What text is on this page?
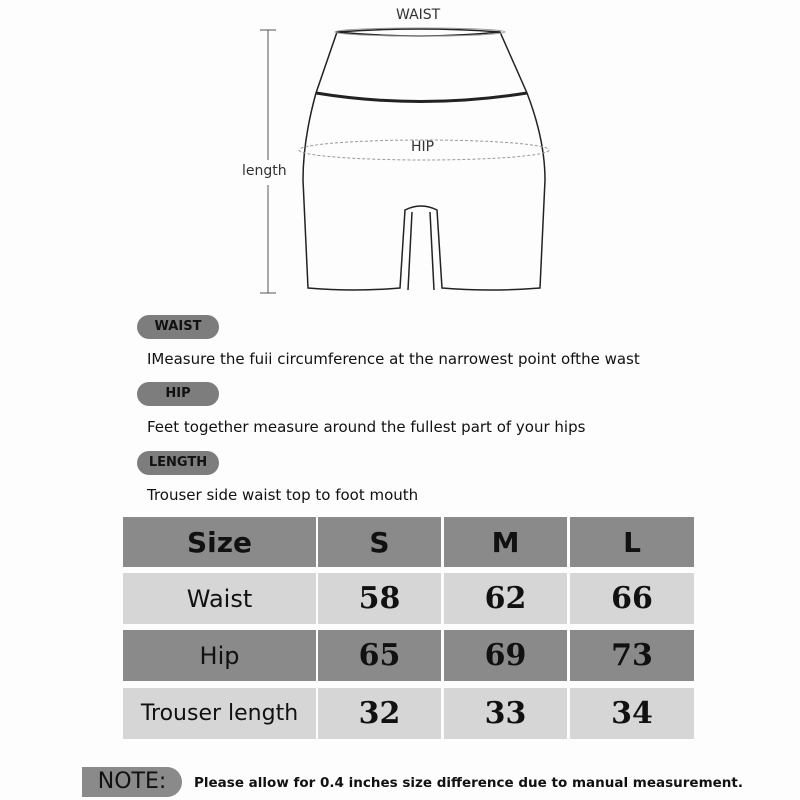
WAIST
HIP
length
WAIST
IMeasure the fuii circumference at the narrowest point ofthe wast
HIP
Feet together measure around the fullest part of your hips
LENGTH
Trouser side waist top to foot mouth
Size	S	M	L
Waist	58	62	66
Hip	65	69	73
Trouser length	32	33	34
NOTE:	Please allow for 0.4 inches size difference due to manual measurement.
